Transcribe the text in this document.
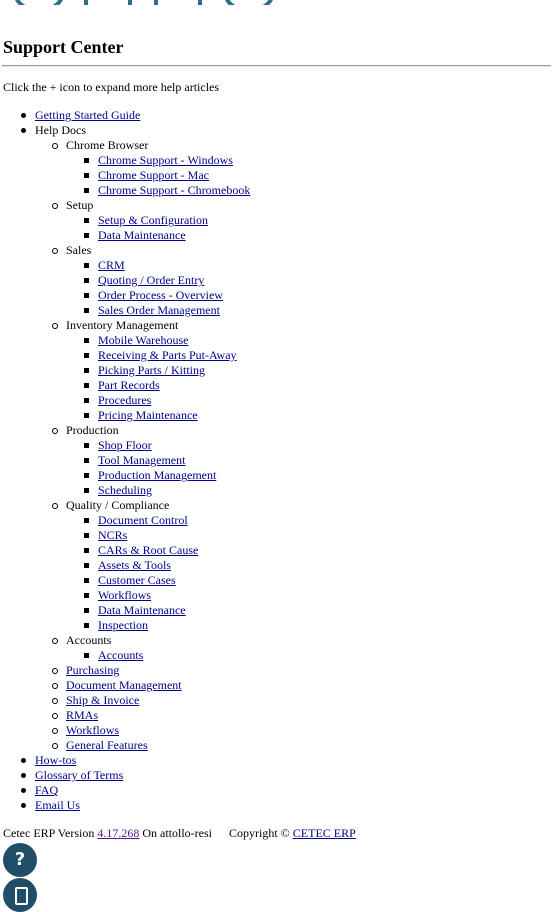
Support Center
Click the + icon to expand more help articles
Getting Started Guide
Help Docs
Chrome Browser
Chrome Support - Windows
Chrome Support - Mac
Chrome Support - Chromebook
Setup
Setup & Configuration
Data Maintenance
Sales
CRM
Quoting / Order Entry
Order Process - Overview
Sales Order Management
Inventory Management
Mobile Warehouse
Receiving & Parts Put-Away
Picking Parts / Kitting
Part Records
Procedures
Pricing Maintenance
Production
Shop Floor
Tool Management
Production Management
Scheduling
Quality / Compliance
Document Control
NCRs
CARs & Root Cause
Assets & Tools
Customer Cases
Workflows
Data Maintenance
Inspection
Accounts
Accounts
Purchasing
Document Management
Ship & Invoice
RMAs
Workflows
General Features
How-tos
Glossary of Terms
FAQ
Email Us
Cetec ERP Version 4.17.268 On attollo-resi Copyright © CETEC ERP
?
